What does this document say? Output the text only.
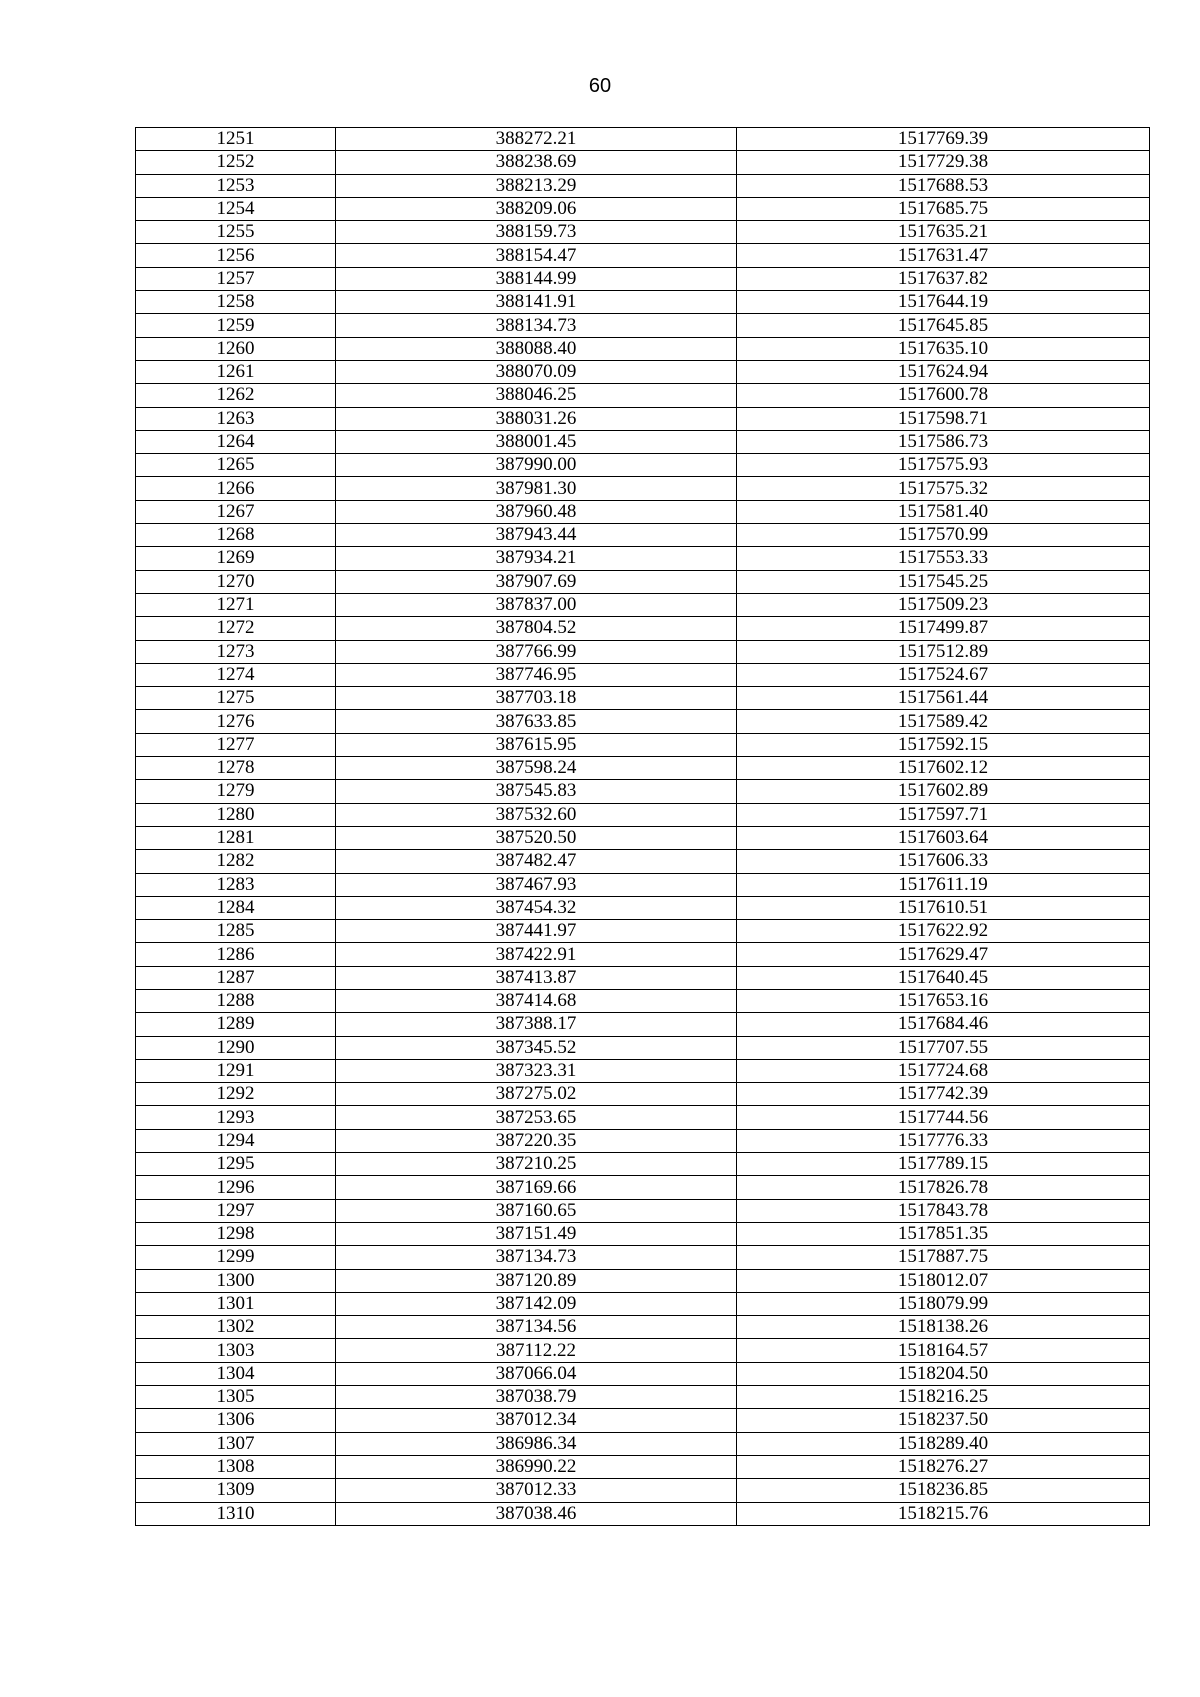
60
1251	388272.21	1517769.39
1252	388238.69	1517729.38
1253	388213.29	1517688.53
1254	388209.06	1517685.75
1255	388159.73	1517635.21
1256	388154.47	1517631.47
1257	388144.99	1517637.82
1258	388141.91	1517644.19
1259	388134.73	1517645.85
1260	388088.40	1517635.10
1261	388070.09	1517624.94
1262	388046.25	1517600.78
1263	388031.26	1517598.71
1264	388001.45	1517586.73
1265	387990.00	1517575.93
1266	387981.30	1517575.32
1267	387960.48	1517581.40
1268	387943.44	1517570.99
1269	387934.21	1517553.33
1270	387907.69	1517545.25
1271	387837.00	1517509.23
1272	387804.52	1517499.87
1273	387766.99	1517512.89
1274	387746.95	1517524.67
1275	387703.18	1517561.44
1276	387633.85	1517589.42
1277	387615.95	1517592.15
1278	387598.24	1517602.12
1279	387545.83	1517602.89
1280	387532.60	1517597.71
1281	387520.50	1517603.64
1282	387482.47	1517606.33
1283	387467.93	1517611.19
1284	387454.32	1517610.51
1285	387441.97	1517622.92
1286	387422.91	1517629.47
1287	387413.87	1517640.45
1288	387414.68	1517653.16
1289	387388.17	1517684.46
1290	387345.52	1517707.55
1291	387323.31	1517724.68
1292	387275.02	1517742.39
1293	387253.65	1517744.56
1294	387220.35	1517776.33
1295	387210.25	1517789.15
1296	387169.66	1517826.78
1297	387160.65	1517843.78
1298	387151.49	1517851.35
1299	387134.73	1517887.75
1300	387120.89	1518012.07
1301	387142.09	1518079.99
1302	387134.56	1518138.26
1303	387112.22	1518164.57
1304	387066.04	1518204.50
1305	387038.79	1518216.25
1306	387012.34	1518237.50
1307	386986.34	1518289.40
1308	386990.22	1518276.27
1309	387012.33	1518236.85
1310	387038.46	1518215.76
